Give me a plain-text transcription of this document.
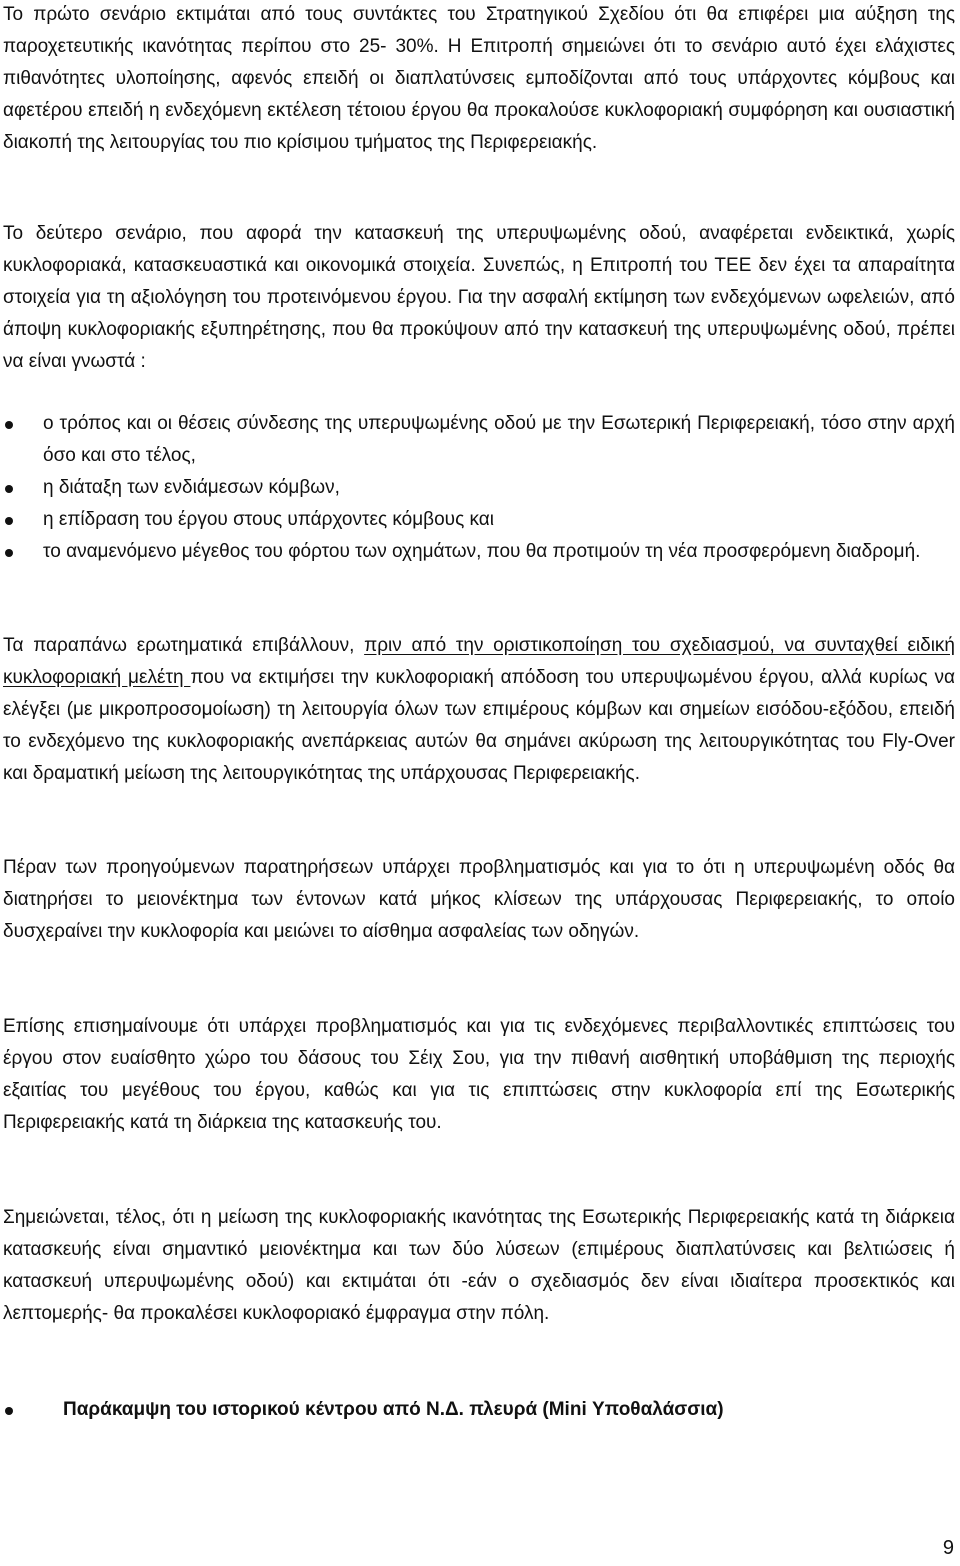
Το πρώτο σενάριο εκτιμάται από τους συντάκτες του Στρατηγικού Σχεδίου ότι θα επιφέρει μια αύξηση της παροχετευτικής ικανότητας περίπου στο 25- 30%. Η Επιτροπή σημειώνει ότι το σενάριο αυτό έχει ελάχιστες πιθανότητες υλοποίησης, αφενός επειδή οι διαπλατύνσεις εμποδίζονται από τους υπάρχοντες κόμβους και αφετέρου επειδή η ενδεχόμενη εκτέλεση τέτοιου έργου θα προκαλούσε κυκλοφοριακή συμφόρηση και ουσιαστική διακοπή της λειτουργίας του πιο κρίσιμου τμήματος της Περιφερειακής.

Το δεύτερο σενάριο, που αφορά την κατασκευή της υπερυψωμένης οδού, αναφέρεται ενδεικτικά, χωρίς κυκλοφοριακά, κατασκευαστικά και οικονομικά στοιχεία. Συνεπώς, η Επιτροπή του ΤΕΕ δεν έχει τα απαραίτητα στοιχεία για τη αξιολόγηση του προτεινόμενου έργου. Για την ασφαλή εκτίμηση των ενδεχόμενων ωφελειών, από άποψη κυκλοφοριακής εξυπηρέτησης, που θα προκύψουν από την κατασκευή της υπερυψωμένης οδού, πρέπει να είναι γνωστά :

ο τρόπος και οι θέσεις σύνδεσης της υπερυψωμένης οδού με την Εσωτερική Περιφερειακή, τόσο στην αρχή όσο και στο τέλος,
η διάταξη των ενδιάμεσων κόμβων,
η επίδραση του έργου στους υπάρχοντες κόμβους και
το αναμενόμενο μέγεθος του φόρτου των οχημάτων, που θα προτιμούν τη νέα προσφερόμενη διαδρομή.

Τα παραπάνω ερωτηματικά επιβάλλουν, πριν από την οριστικοποίηση του σχεδιασμού, να συνταχθεί ειδική κυκλοφοριακή μελέτη που να εκτιμήσει την κυκλοφοριακή απόδοση του υπερυψωμένου έργου, αλλά κυρίως να ελέγξει (με μικροπροσομοίωση) τη λειτουργία όλων των επιμέρους κόμβων και σημείων εισόδου-εξόδου, επειδή το ενδεχόμενο της κυκλοφοριακής ανεπάρκειας αυτών θα σημάνει ακύρωση της λειτουργικότητας του Fly-Over και δραματική μείωση της λειτουργικότητας της υπάρχουσας Περιφερειακής.

Πέραν των προηγούμενων παρατηρήσεων υπάρχει προβληματισμός και για το ότι η υπερυψωμένη οδός θα διατηρήσει το μειονέκτημα των έντονων κατά μήκος κλίσεων της υπάρχουσας Περιφερειακής, το οποίο δυσχεραίνει την κυκλοφορία και μειώνει το αίσθημα ασφαλείας των οδηγών.

Επίσης επισημαίνουμε ότι υπάρχει προβληματισμός και για τις ενδεχόμενες περιβαλλοντικές επιπτώσεις του έργου στον ευαίσθητο χώρο του δάσους του Σέιχ Σου, για την πιθανή αισθητική υποβάθμιση της περιοχής εξαιτίας του μεγέθους του έργου, καθώς και για τις επιπτώσεις στην κυκλοφορία επί της Εσωτερικής Περιφερειακής κατά τη διάρκεια της κατασκευής του.

Σημειώνεται, τέλος, ότι η μείωση της κυκλοφοριακής ικανότητας της Εσωτερικής Περιφερειακής κατά τη διάρκεια κατασκευής είναι σημαντικό μειονέκτημα και των δύο λύσεων (επιμέρους διαπλατύνσεις και βελτιώσεις ή κατασκευή υπερυψωμένης οδού) και εκτιμάται ότι -εάν ο σχεδιασμός δεν είναι ιδιαίτερα προσεκτικός και λεπτομερής- θα προκαλέσει κυκλοφοριακό έμφραγμα στην πόλη.

Παράκαμψη του ιστορικού κέντρου από Ν.Δ. πλευρά (Mini Υποθαλάσσια)
9
